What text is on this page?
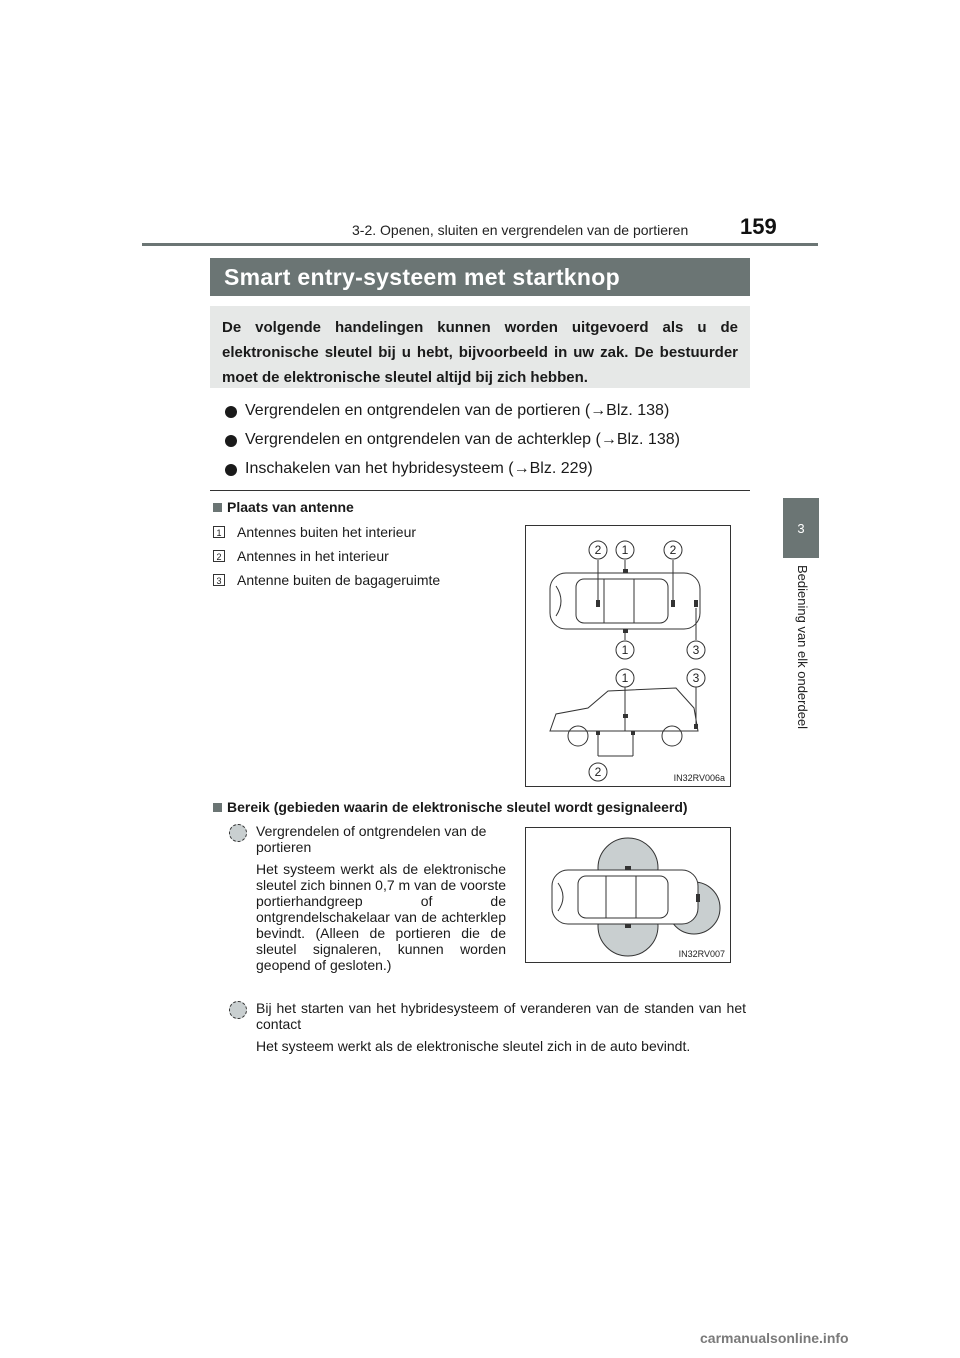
3-2. Openen, sluiten en vergrendelen van de portieren 159
3
Bediening van elk onderdeel
Smart entry-systeem met startknop
De volgende handelingen kunnen worden uitgevoerd als u de elektronische sleutel bij u hebt, bijvoorbeeld in uw zak. De bestuurder moet de elektronische sleutel altijd bij zich hebben.
Vergrendelen en ontgrendelen van de portieren (→Blz. 138)
Vergrendelen en ontgrendelen van de achterklep (→Blz. 138)
Inschakelen van het hybridesysteem (→Blz. 229)
Plaats van antenne
1 Antennes buiten het interieur
2 Antennes in het interieur
3 Antenne buiten de bagageruimte
2 1	2
1	3
1	3
2	IN32RV006a
Bereik (gebieden waarin de elektronische sleutel wordt gesignaleerd)

Vergrendelen of ontgrendelen van de portieren

Het systeem werkt als de elektronische sleutel zich binnen 0,7 m van de voorste portierhandgreep of de ontgrendelschakelaar van de achterklep bevindt. (Alleen de portieren die de sleutel signaleren, kunnen worden geopend of gesloten.)

IN32RV007

Bij het starten van het hybridesysteem of veranderen van de standen van het contact

Het systeem werkt als de elektronische sleutel zich in de auto bevindt.

carmanualsonline.info
